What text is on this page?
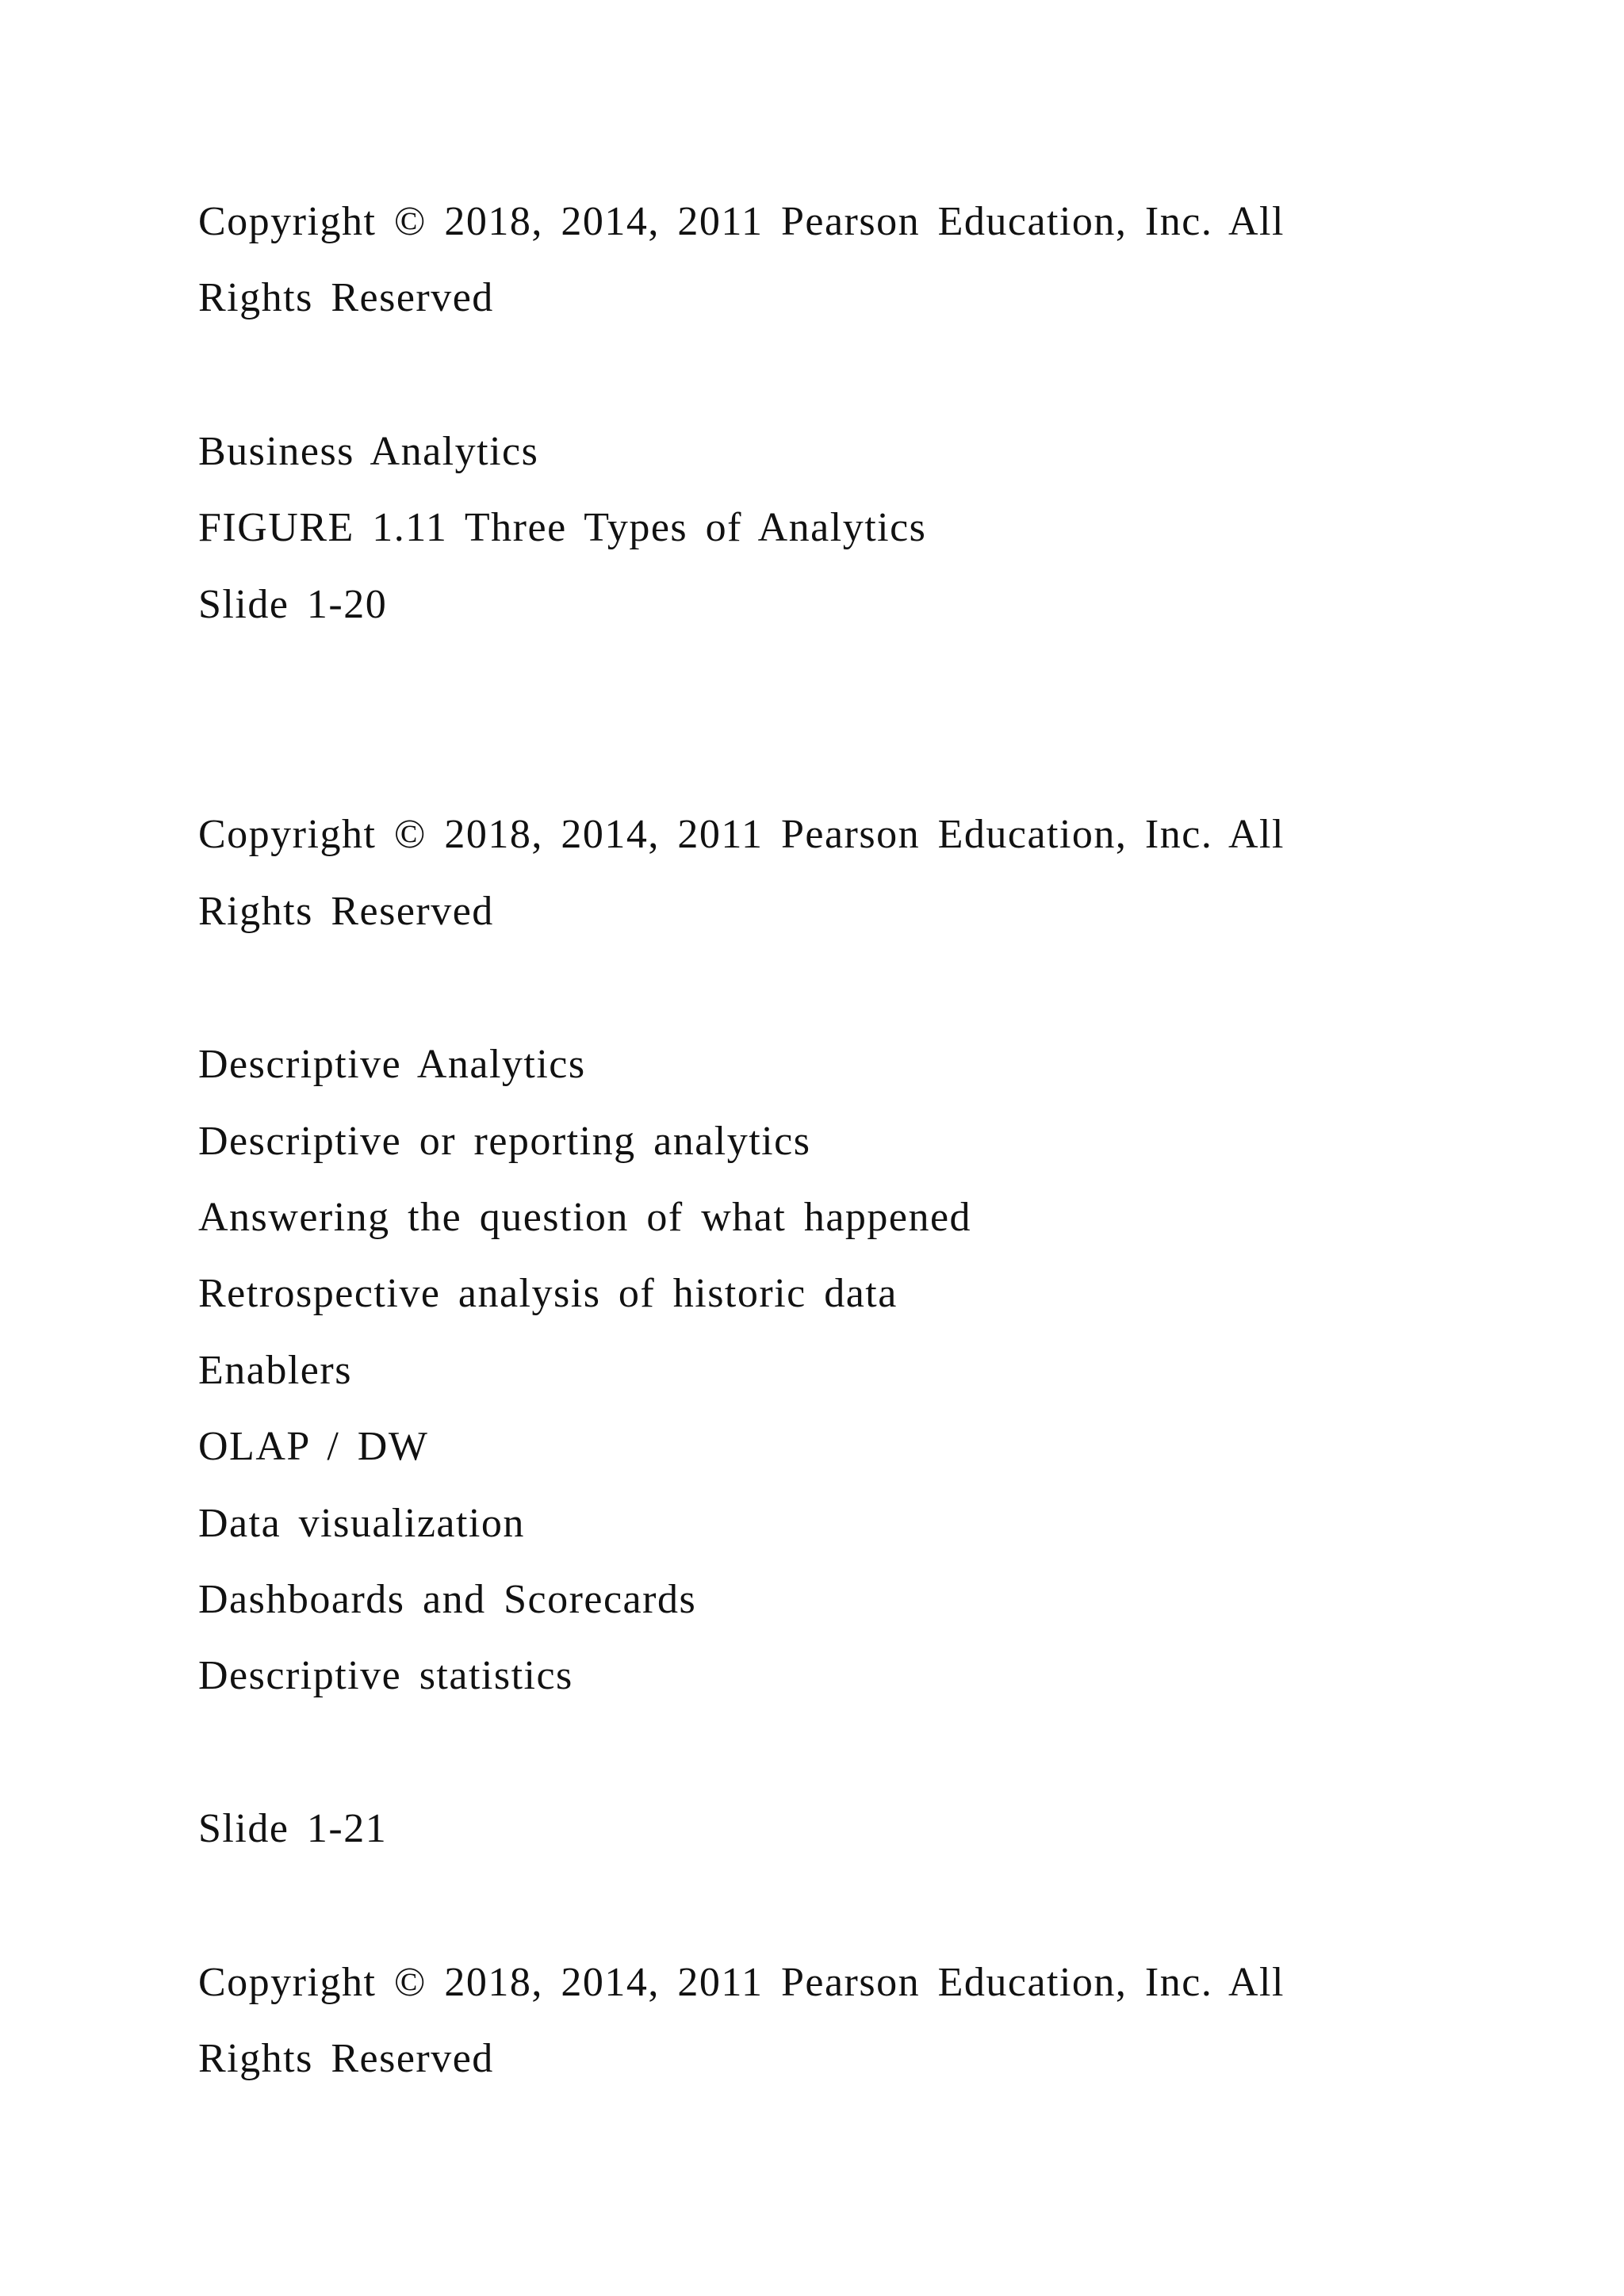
Copyright © 2018, 2014, 2011 Pearson Education, Inc. All
Rights Reserved
Business Analytics
FIGURE 1.11 Three Types of Analytics
Slide 1-20
Copyright © 2018, 2014, 2011 Pearson Education, Inc. All
Rights Reserved
Descriptive Analytics
Descriptive or reporting analytics
Answering the question of what happened
Retrospective analysis of historic data
Enablers
OLAP / DW
Data visualization
Dashboards and Scorecards
Descriptive statistics
Slide 1-21
Copyright © 2018, 2014, 2011 Pearson Education, Inc. All
Rights Reserved
